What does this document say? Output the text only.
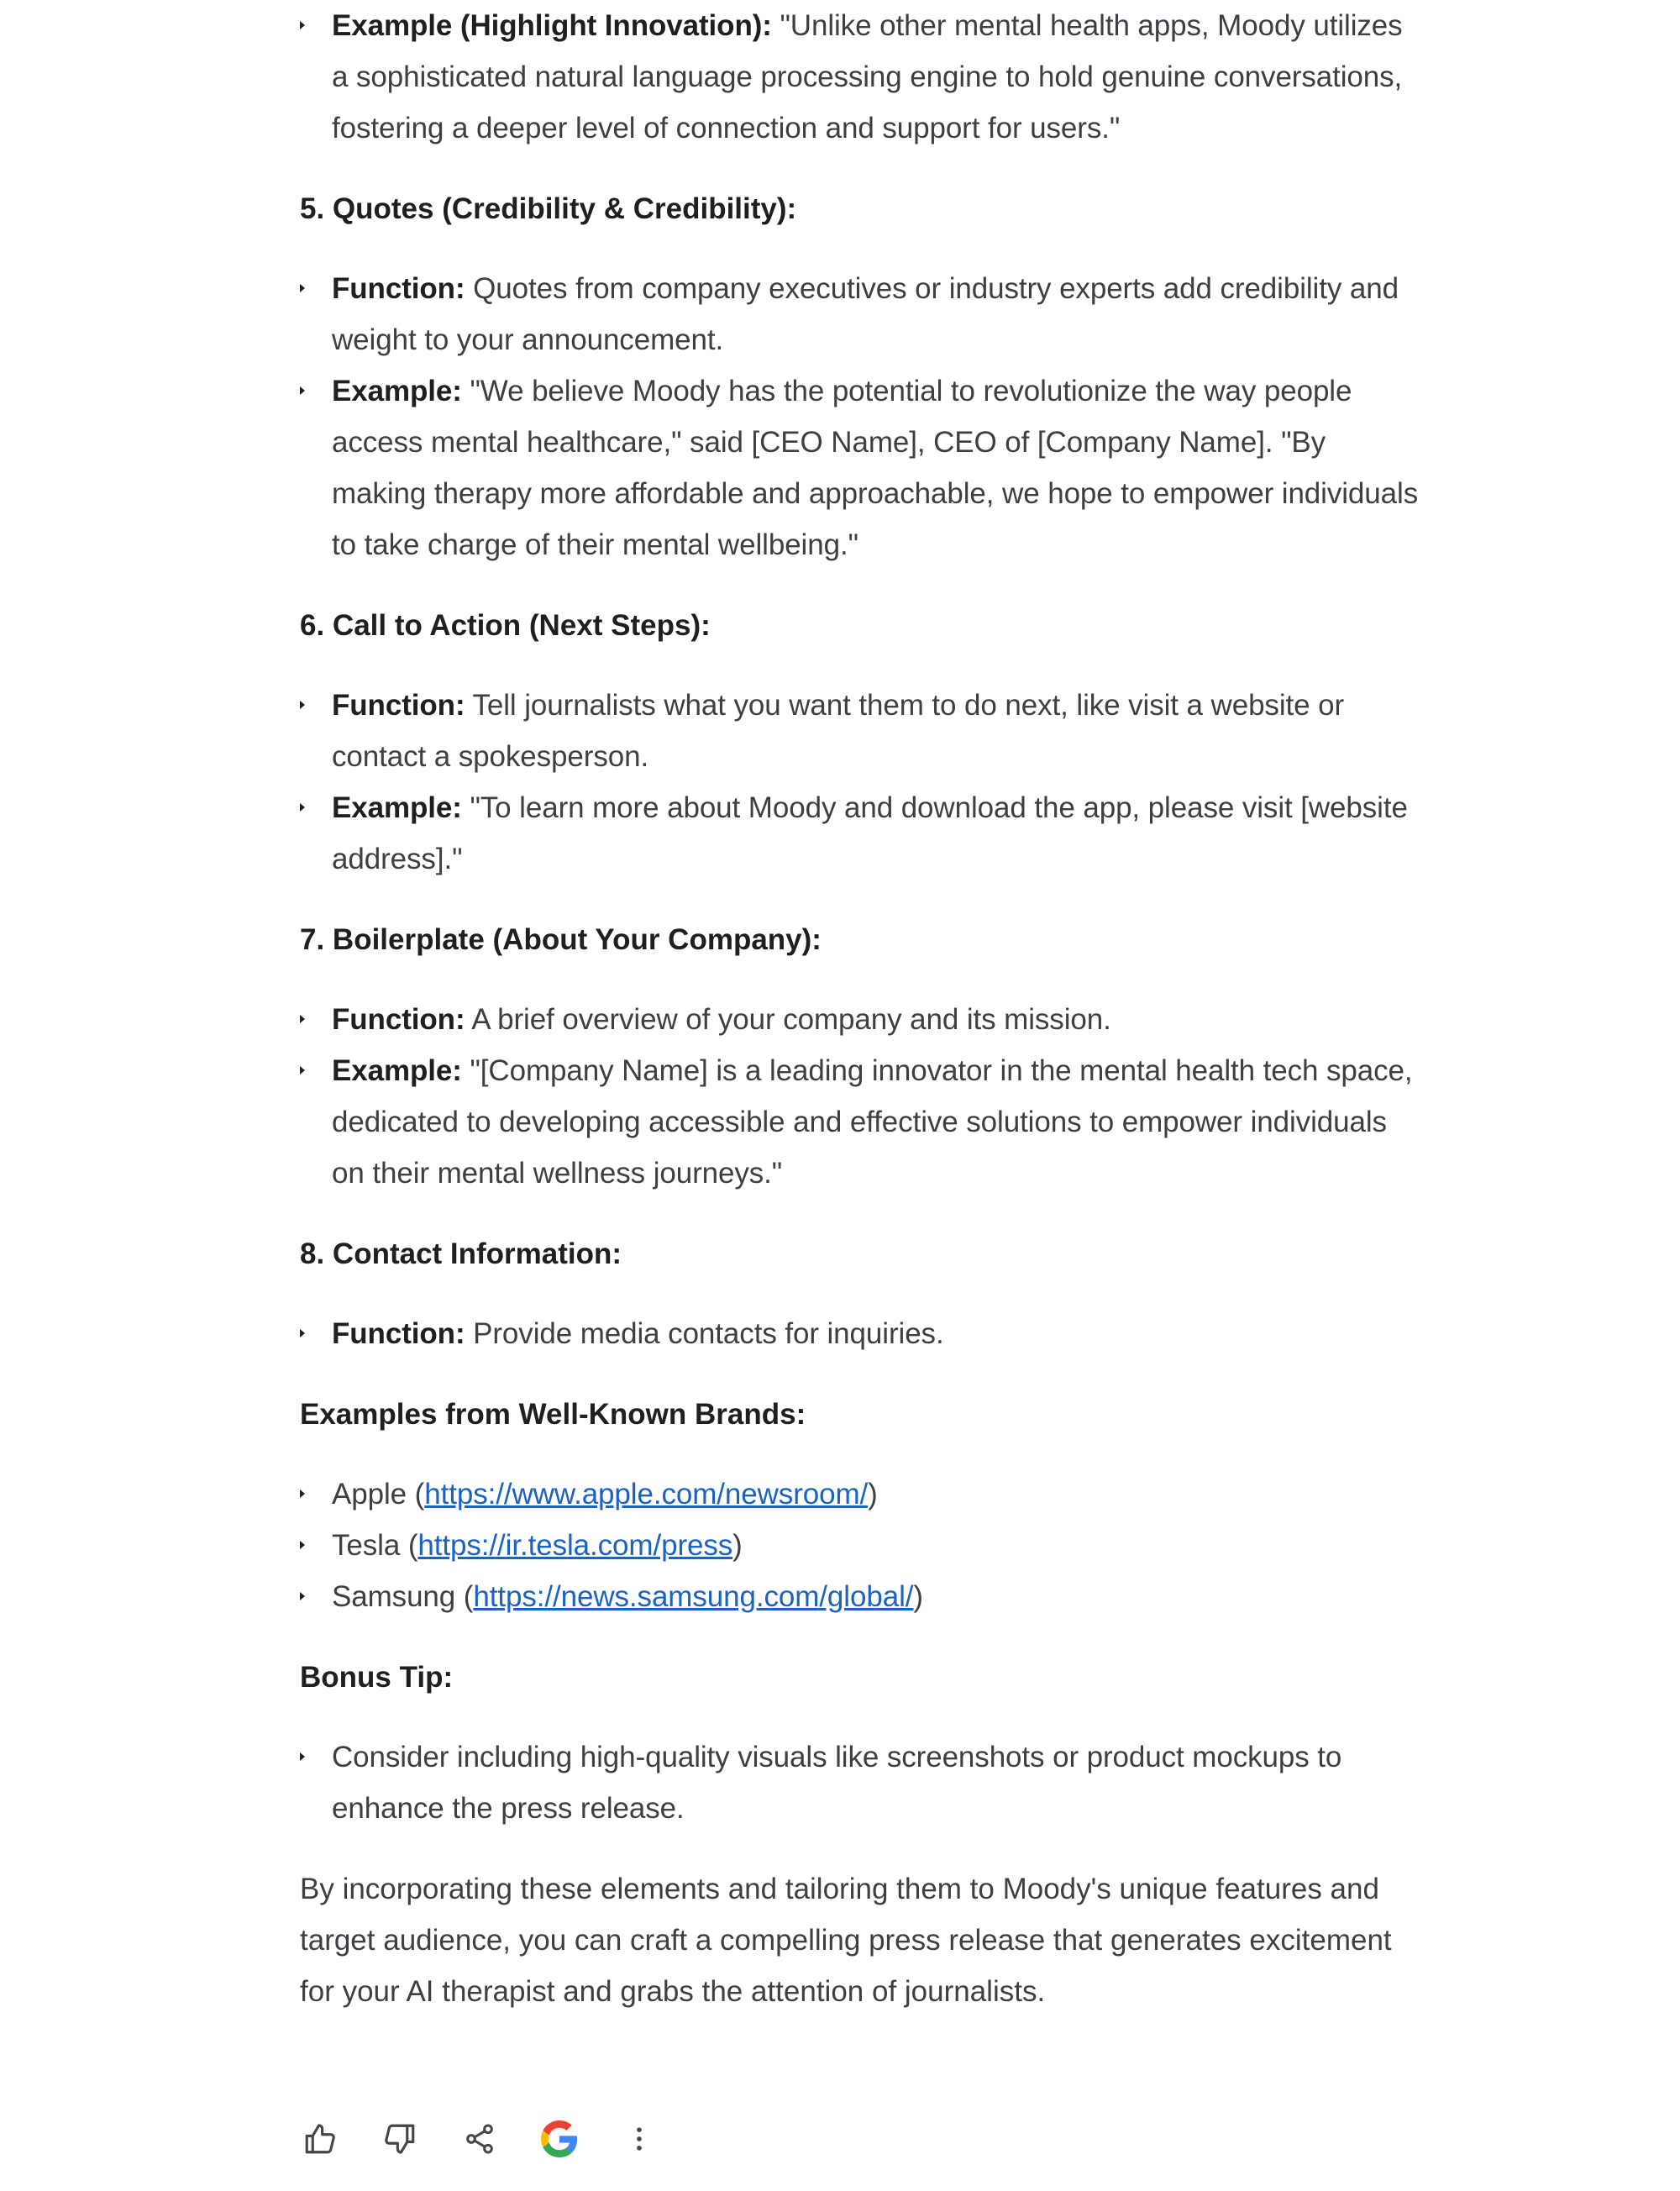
Example (Highlight Innovation): "Unlike other mental health apps, Moody utilizes a sophisticated natural language processing engine to hold genuine conversations, fostering a deeper level of connection and support for users."
5. Quotes (Credibility & Credibility):
Function: Quotes from company executives or industry experts add credibility and weight to your announcement.
Example: "We believe Moody has the potential to revolutionize the way people access mental healthcare," said [CEO Name], CEO of [Company Name]. "By making therapy more affordable and approachable, we hope to empower individuals to take charge of their mental wellbeing."
6. Call to Action (Next Steps):
Function: Tell journalists what you want them to do next, like visit a website or contact a spokesperson.
Example: "To learn more about Moody and download the app, please visit [website address]."
7. Boilerplate (About Your Company):
Function: A brief overview of your company and its mission.
Example: "[Company Name] is a leading innovator in the mental health tech space, dedicated to developing accessible and effective solutions to empower individuals on their mental wellness journeys."
8. Contact Information:
Function: Provide media contacts for inquiries.
Examples from Well-Known Brands:
Apple (https://www.apple.com/newsroom/)
Tesla (https://ir.tesla.com/press)
Samsung (https://news.samsung.com/global/)
Bonus Tip:
Consider including high-quality visuals like screenshots or product mockups to enhance the press release.

By incorporating these elements and tailoring them to Moody's unique features and target audience, you can craft a compelling press release that generates excitement for your AI therapist and grabs the attention of journalists.
